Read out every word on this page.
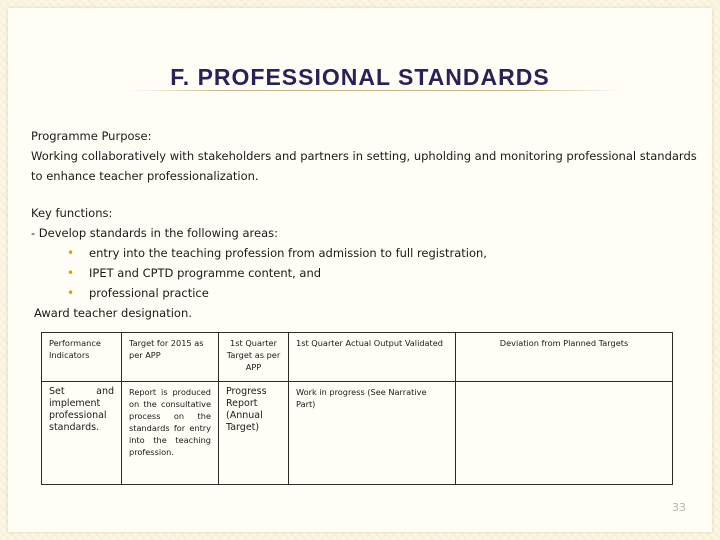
F. PROFESSIONAL STANDARDS

Programme Purpose:

Working collaboratively with stakeholders and partners in setting, upholding and monitoring professional standards to enhance teacher professionalization.

Key functions:

- Develop standards in the following areas:

• entry into the teaching profession from admission to full registration,

• IPET and CPTD programme content, and

• professional practice

Award teacher designation.

Performance Indicators	Target for 2015 as per APP	1st Quarter Target as per APP	1st Quarter Actual Output Validated	Deviation from Planned Targets
Set and implement professional standards.	Report is produced on the consultative process on the standards for entry into the teaching profession.	Progress Report (Annual Target)	Work in progress (See Narrative Part)	
33
